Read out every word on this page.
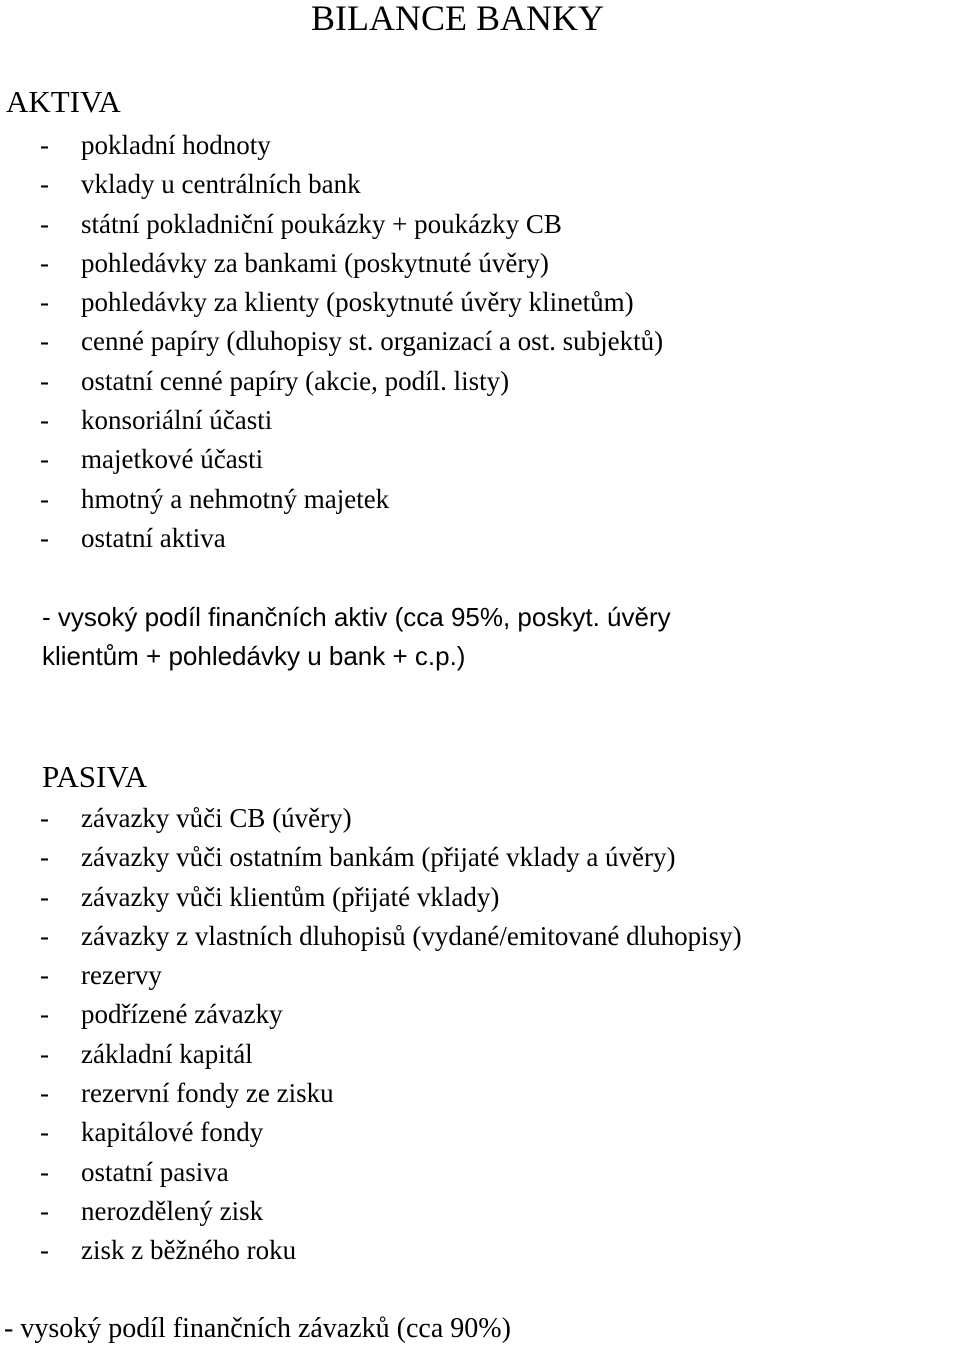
BILANCE BANKY
AKTIVA
- pokladní hodnoty
- vklady u centrálních bank
- státní pokladniční poukázky + poukázky CB
- pohledávky za bankami (poskytnuté úvěry)
- pohledávky za klienty (poskytnuté úvěry klinetům)
- cenné papíry (dluhopisy st. organizací a ost. subjektů)
- ostatní cenné papíry (akcie, podíl. listy)
- konsoriální účasti
- majetkové účasti
- hmotný a nehmotný majetek
- ostatní aktiva

- vysoký podíl finančních aktiv (cca 95%, poskyt. úvěry

klientům + pohledávky u bank + c.p.)

PASIVA
- závazky vůči CB (úvěry)
- závazky vůči ostatním bankám (přijaté vklady a úvěry)
- závazky vůči klientům (přijaté vklady)
- závazky z vlastních dluhopisů (vydané/emitované dluhopisy)
- rezervy
- podřízené závazky
- základní kapitál
- rezervní fondy ze zisku
- kapitálové fondy
- ostatní pasiva
- nerozdělený zisk
- zisk z běžného roku

- vysoký podíl finančních závazků (cca 90%)
